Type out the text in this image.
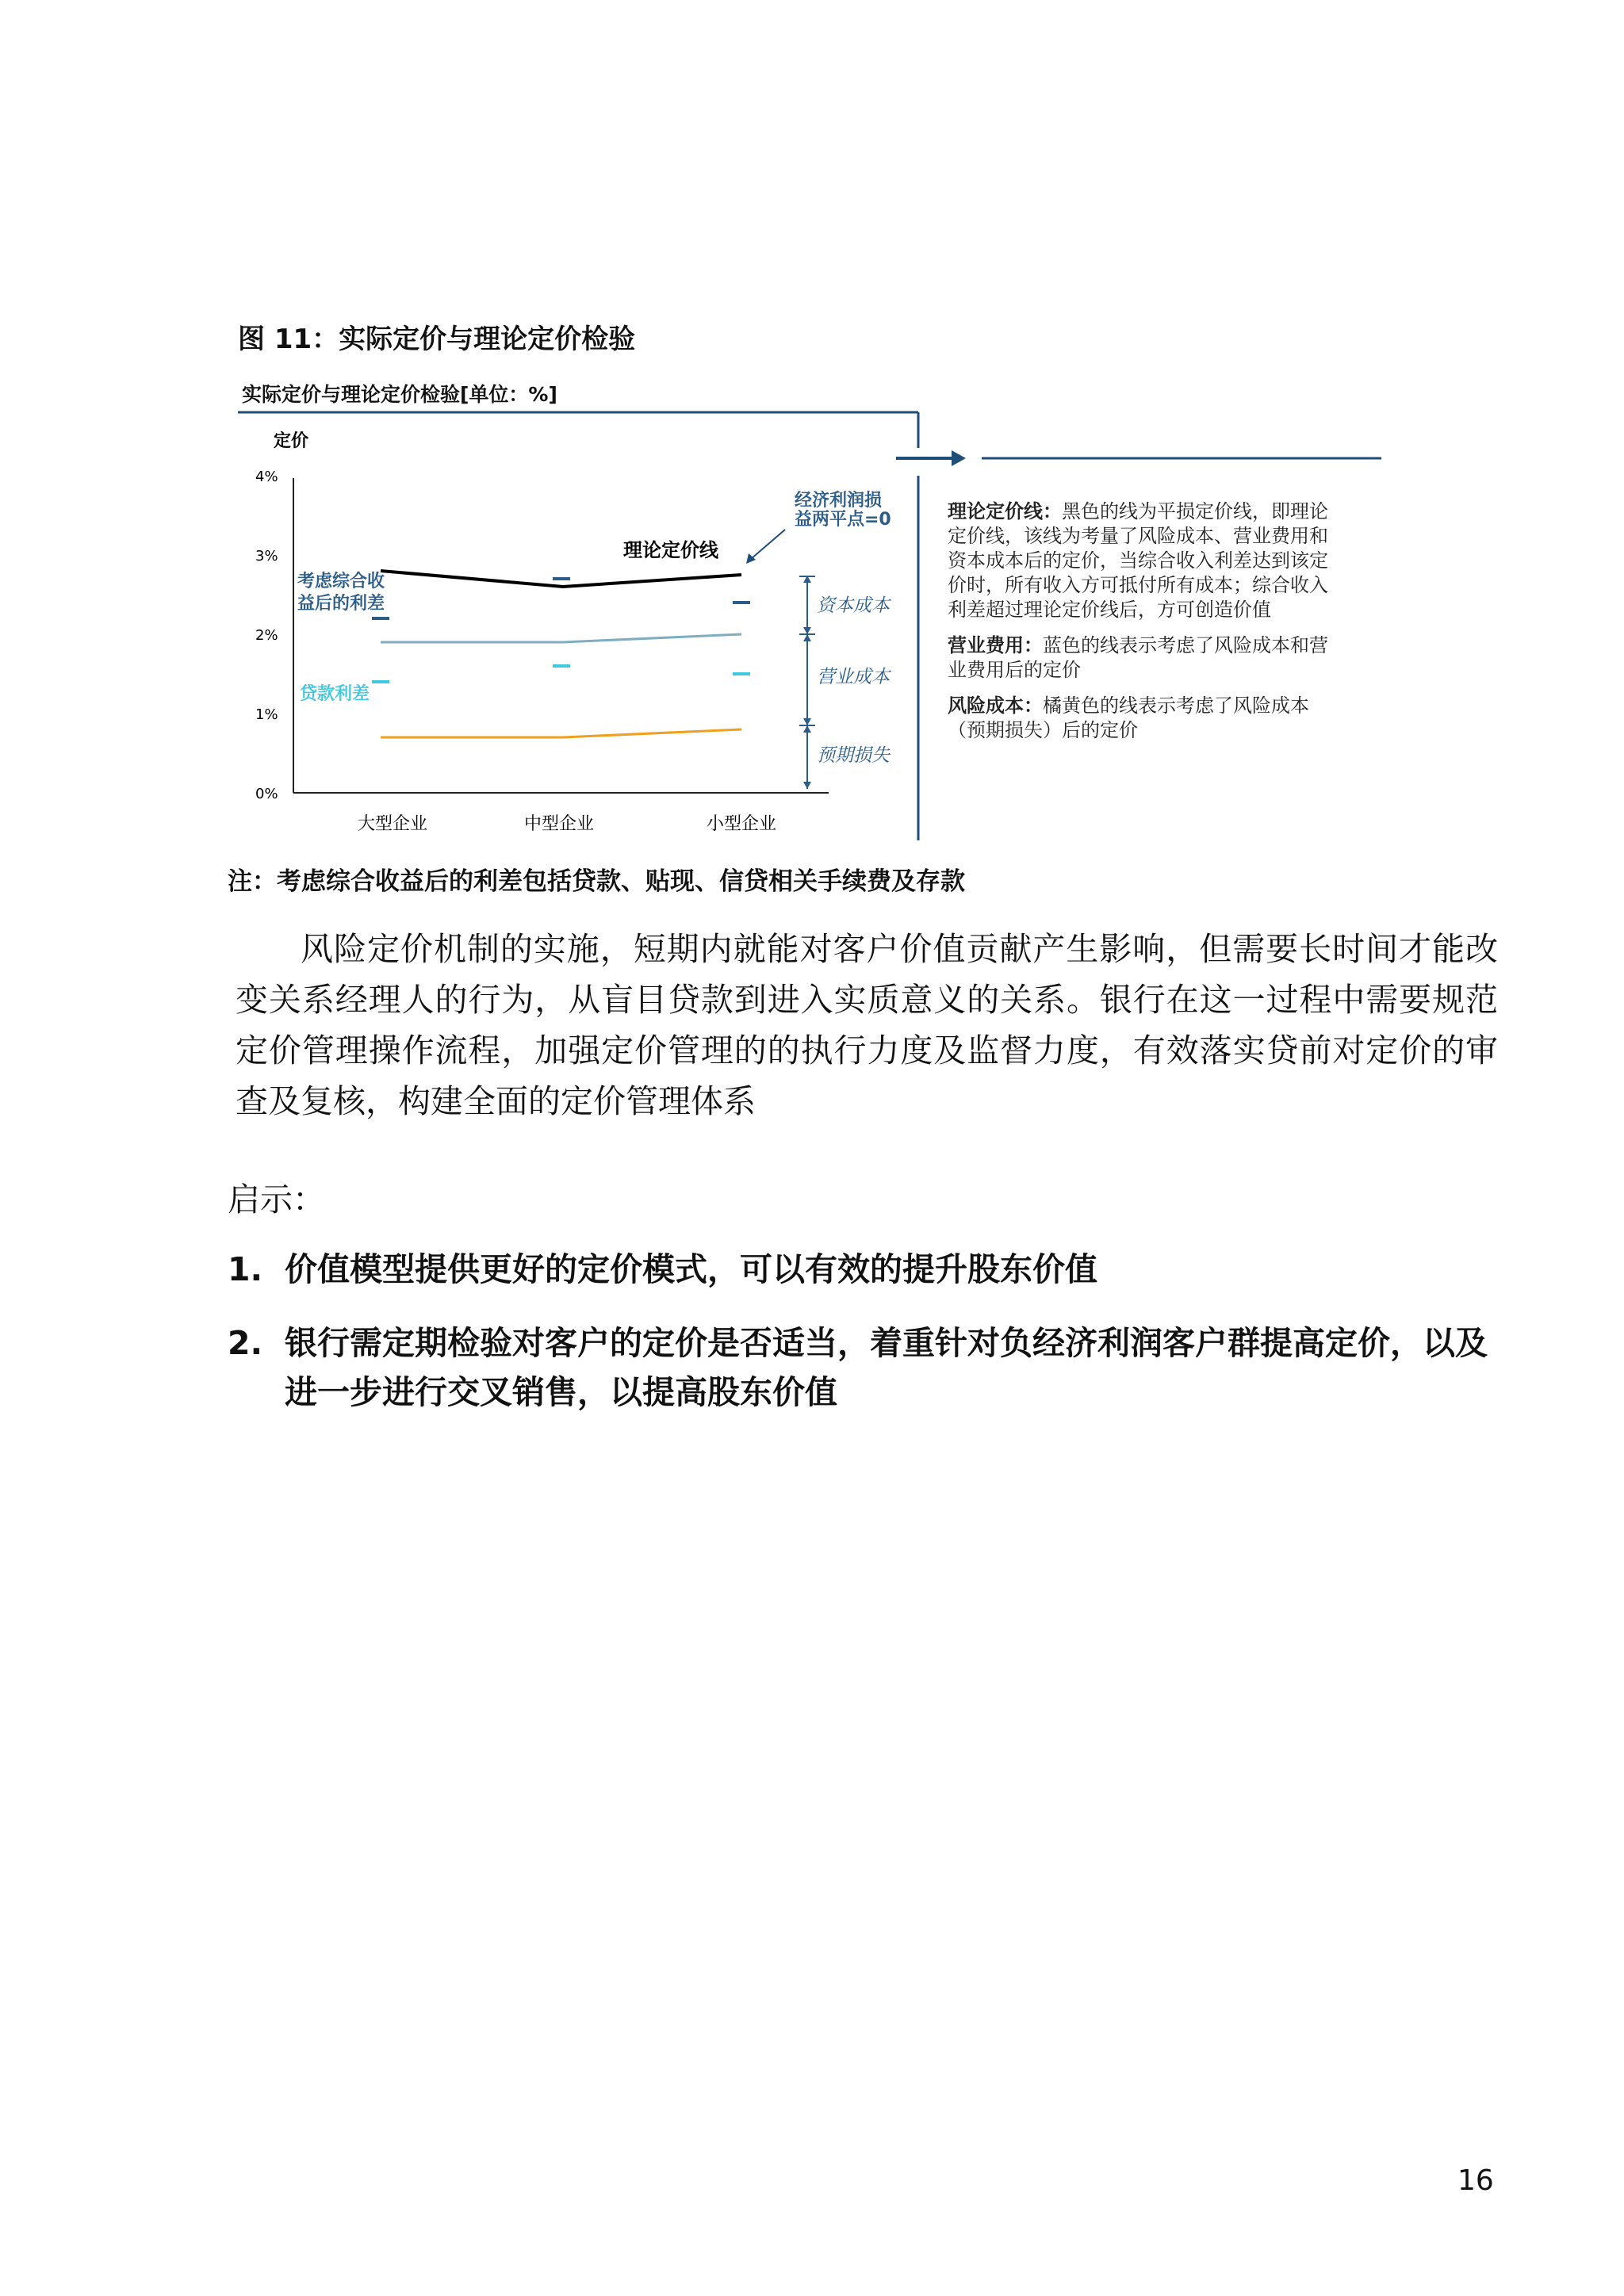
图 11：实际定价与理论定价检验
实际定价与理论定价检验[单位：%]
0%
1%
2%
3%
4%
大型企业	中型企业	小型企业
定价
考虑综合收
益后的利差
贷款利差
理论定价线
经济利润损
益两平点=0
资本成本
营业成本
预期损失
理论定价线：黑色的线为平损定价线，即理论
定价线，该线为考量了风险成本、营业费用和
资本成本后的定价，当综合收入利差达到该定
价时，所有收入方可抵付所有成本；综合收入
利差超过理论定价线后，方可创造价值
营业费用：蓝色的线表示考虑了风险成本和营
业费用后的定价
风险成本：橘黄色的线表示考虑了风险成本
（预期损失）后的定价
注：考虑综合收益后的利差包括贷款、贴现、信贷相关手续费及存款
风险定价机制的实施，短期内就能对客户价值贡献产生影响，但需要长时间才能改变关系经理人的行为，从盲目贷款到进入实质意义的关系。银行在这一过程中需要规范定价管理操作流程，加强定价管理的的执行力度及监督力度，有效落实贷前对定价的审查及复核，构建全面的定价管理体系
启示：
1. 价值模型提供更好的定价模式，可以有效的提升股东价值
2. 银行需定期检验对客户的定价是否适当，着重针对负经济利润客户群提高定价，以及进一步进行交叉销售，以提高股东价值
16
